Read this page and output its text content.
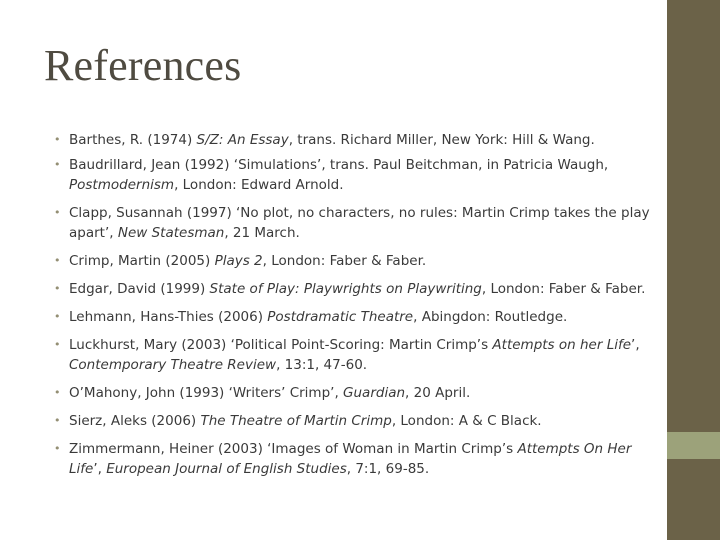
References
• Barthes, R. (1974) S/Z: An Essay, trans. Richard Miller, New York: Hill & Wang.
• Baudrillard, Jean (1992) ‘Simulations’, trans. Paul Beitchman, in Patricia Waugh, Postmodernism, London: Edward Arnold.
• Clapp, Susannah (1997) ‘No plot, no characters, no rules: Martin Crimp takes the play apart’, New Statesman, 21 March.
• Crimp, Martin (2005) Plays 2, London: Faber & Faber.
• Edgar, David (1999) State of Play: Playwrights on Playwriting, London: Faber & Faber.
• Lehmann, Hans-Thies (2006) Postdramatic Theatre, Abingdon: Routledge.
• Luckhurst, Mary (2003) ‘Political Point-Scoring: Martin Crimp’s Attempts on her Life’, Contemporary Theatre Review, 13:1, 47-60.
• O’Mahony, John (1993) ‘Writers’ Crimp’, Guardian, 20 April.
• Sierz, Aleks (2006) The Theatre of Martin Crimp, London: A & C Black.
• Zimmermann, Heiner (2003) ‘Images of Woman in Martin Crimp’s Attempts On Her Life’, European Journal of English Studies, 7:1, 69-85.
